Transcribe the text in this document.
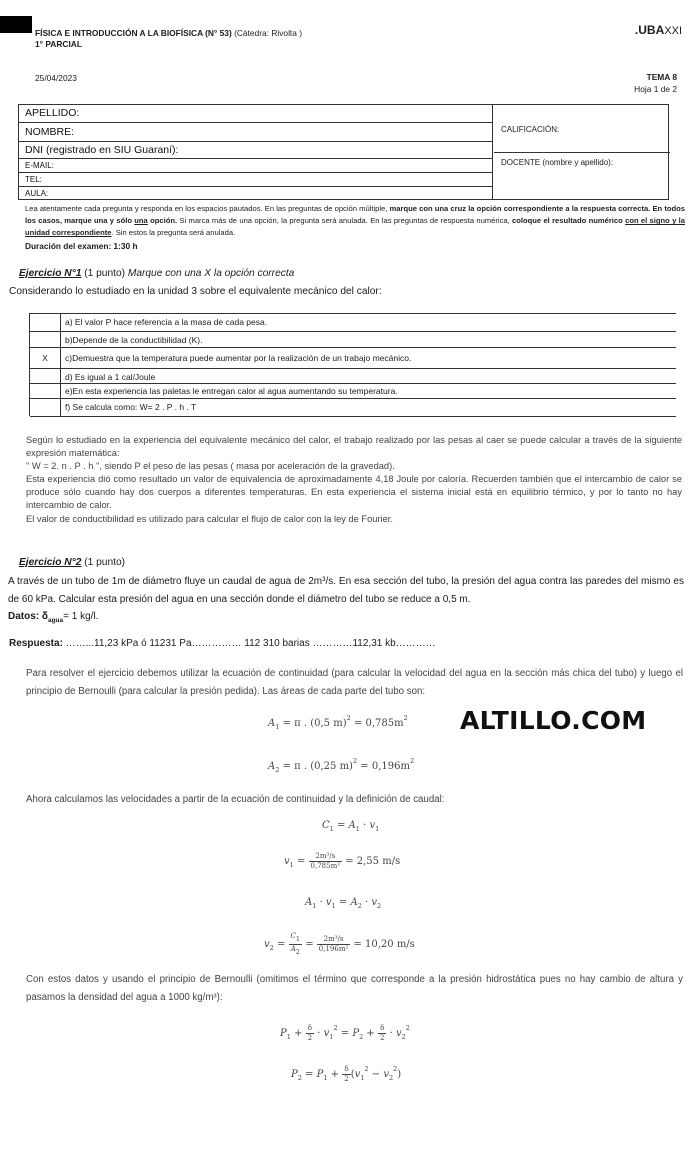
FÍSICA E INTRODUCCIÓN A LA BIOFÍSICA (N° 53) (Cátedra: Rivolta )
1° PARCIAL
.UBAXXI
25/04/2023	TEMA 8
Hoja 1 de 2
APELLIDO:
NOMBRE:
DNI (registrado en SIU Guaraní):
E-MAIL:
TEL:
AULA:
CALIFICACIÓN:
DOCENTE (nombre y apellido):
Lea atentamente cada pregunta y responda en los espacios pautados. En las preguntas de opción múltiple, marque con una cruz la opción correspondiente a la respuesta correcta. En todos los casos, marque una y sólo una opción. Si marca más de una opción, la pregunta será anulada. En las preguntas de respuesta numérica, coloque el resultado numérico con el signo y la unidad correspondiente. Sin estos la pregunta será anulada.
Duración del examen: 1:30 h
Ejercicio N°1 (1 punto) Marque con una X la opción correcta
Considerando lo estudiado en la unidad 3 sobre el equivalente mecánico del calor:
a) El valor P hace referencia a la masa de cada pesa.
b)Depende de la conductibilidad (K).
X	c)Demuestra que la temperatura puede aumentar por la realización de un trabajo mecánico.
d) Es igual a 1 cal/Joule
e)En esta experiencia las paletas le entregan calor al agua aumentando su temperatura.
f) Se calcula como: W= 2 . P . h . T

Según lo estudiado en la experiencia del equivalente mecánico del calor, el trabajo realizado por las pesas al caer se puede calcular a través de la siguiente expresión matemática:

" W = 2. n . P . h ", siendo P el peso de las pesas ( masa por aceleración de la gravedad).

Esta experiencia dió como resultado un valor de equivalencia de aproximadamente 4,18 Joule por caloría. Recuerden también que el intercambio de calor se produce sólo cuando hay dos cuerpos a diferentes temperaturas. En esta experiencia el sistema inicial está en equilibrio térmico, y por lo tanto no hay intercambio de calor.

El valor de conductibilidad es utilizado para calcular el flujo de calor con la ley de Fourier.

Ejercicio N°2 (1 punto)
A través de un tubo de 1m de diámetro fluye un caudal de agua de 2m³/s. En esa sección del tubo, la presión del agua contra las paredes del mismo es de 60 kPa. Calcular esta presión del agua en una sección donde el diámetro del tubo se reduce a 0,5 m.
Datos: $\delta_{agua}= 1$ kg/l.
Respuesta: ……...11,23 kPa ó 11231 Pa…………… 112 310 barias …………112,31 kb…………
Para resolver el ejercicio debemos utilizar la ecuación de continuidad (para calcular la velocidad del agua en la sección más chica del tubo) y luego el principio de Bernoulli (para calcular la presión pedida). Las áreas de cada parte del tubo son:
$A_1 = \pi$ . (0,5 $m)^2 = 0,785m^2$
$A_2 = \pi$ . (0,25 $m)^2 = 0,196m^2$
ALTILLO.COM
Ahora calculamos las velocidades a partir de la ecuación de continuidad y la definición de caudal:
$C_1 = A_1 \cdot v_1$
$v_1 = \frac{\text{2m³/s}}{\text{0,785m²}} = 2,55$ m/s
$A_1 \cdot v_1 = A_2 \cdot v_2$
$v_2 = \frac{C1}{A2} = \frac{\text{2m³/s}}{\text{0,196m²}} = 10,20$ m/s
Con estos datos y usando el principio de Bernoulli (omitimos el término que corresponde a la presión hidrostática pues no hay cambio de altura y pasamos la densidad del agua a 1000 kg/m³):
$P_1 + \frac{\delta}{2} \cdot v_1^2 = P_2 + \frac{\delta}{2} \cdot v_2^2$
$P_2 = P_1 + \frac{\delta}{2} (v_1^2 - v_2^2)$
